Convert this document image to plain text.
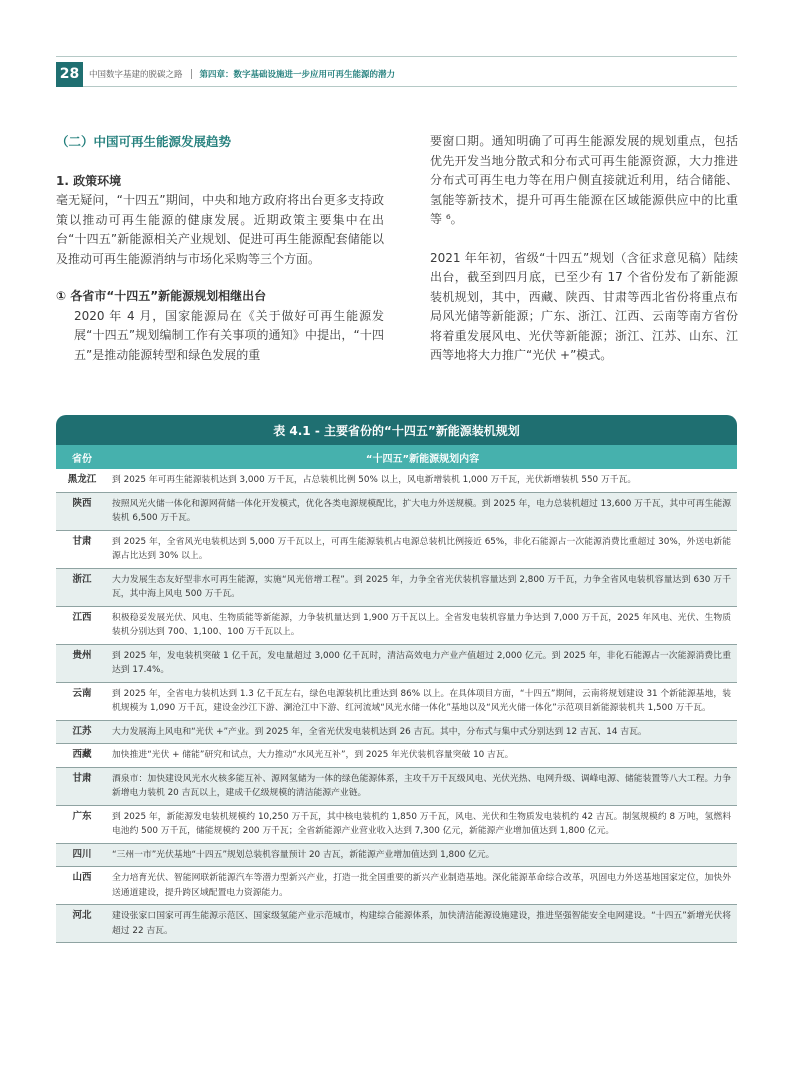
28	中国数字基建的脱碳之路 第四章：数字基础设施进一步应用可再生能源的潜力
（二）中国可再生能源发展趋势
1. 政策环境
毫无疑问，“十四五”期间，中央和地方政府将出台更多支持政策以推动可再生能源的健康发展。近期政策主要集中在出台“十四五”新能源相关产业规划、促进可再生能源配套储能以及推动可再生能源消纳与市场化采购等三个方面。
① 各省市“十四五”新能源规划相继出台
2020 年 4 月，国家能源局在《关于做好可再生能源发展“十四五”规划编制工作有关事项的通知》中提出，“十四五”是推动能源转型和绿色发展的重
要窗口期。通知明确了可再生能源发展的规划重点，包括优先开发当地分散式和分布式可再生能源资源，大力推进分布式可再生电力等在用户侧直接就近利用，结合储能、氢能等新技术，提升可再生能源在区域能源供应中的比重等 ⁶。
2021 年年初，省级“十四五”规划（含征求意见稿）陆续出台，截至到四月底，已至少有 17 个省份发布了新能源装机规划，其中，西藏、陕西、甘肃等西北省份将重点布局风光储等新能源；广东、浙江、江西、云南等南方省份将着重发展风电、光伏等新能源；浙江、江苏、山东、江西等地将大力推广“光伏 +”模式。
表 4.1 - 主要省份的“十四五”新能源装机规划
省份	“十四五”新能源规划内容
黑龙江	到 2025 年可再生能源装机达到 3,000 万千瓦，占总装机比例 50% 以上，风电新增装机 1,000 万千瓦，光伏新增装机 550 万千瓦。
陕西	按照风光火储一体化和源网荷储一体化开发模式，优化各类电源规模配比，扩大电力外送规模。到 2025 年，电力总装机超过 13,600 万千瓦，其中可再生能源装机 6,500 万千瓦。
甘肃	到 2025 年，全省风光电装机达到 5,000 万千瓦以上，可再生能源装机占电源总装机比例接近 65%，非化石能源占一次能源消费比重超过 30%，外送电新能源占比达到 30% 以上。
浙江	大力发展生态友好型非水可再生能源，实施“风光倍增工程”。到 2025 年，力争全省光伏装机容量达到 2,800 万千瓦，力争全省风电装机容量达到 630 万千瓦，其中海上风电 500 万千瓦。
江西	积极稳妥发展光伏、风电、生物质能等新能源，力争装机量达到 1,900 万千瓦以上。全省发电装机容量力争达到 7,000 万千瓦，2025 年风电、光伏、生物质装机分别达到 700、1,100、100 万千瓦以上。
贵州	到 2025 年，发电装机突破 1 亿千瓦，发电量超过 3,000 亿千瓦时，清洁高效电力产业产值超过 2,000 亿元。到 2025 年，非化石能源占一次能源消费比重达到 17.4%。
云南	到 2025 年，全省电力装机达到 1.3 亿千瓦左右，绿色电源装机比重达到 86% 以上。在具体项目方面，“十四五”期间，云南将规划建设 31 个新能源基地，装机规模为 1,090 万千瓦，建设金沙江下游、澜沧江中下游、红河流域“风光水储一体化”基地以及“风光火储一体化”示范项目新能源装机共 1,500 万千瓦。
江苏	大力发展海上风电和“光伏 +”产业。到 2025 年，全省光伏发电装机达到 26 吉瓦。其中，分布式与集中式分别达到 12 吉瓦、14 吉瓦。
西藏	加快推进“光伏 + 储能”研究和试点，大力推动“水风光互补”，到 2025 年光伏装机容量突破 10 吉瓦。
甘肃	酒泉市：加快建设风光水火核多能互补、源网氢储为一体的绿色能源体系，主攻千万千瓦级风电、光伏光热、电网升级、调峰电源、储能装置等八大工程。力争新增电力装机 20 吉瓦以上，建成千亿级规模的清洁能源产业链。
广东	到 2025 年，新能源发电装机规模约 10,250 万千瓦，其中核电装机约 1,850 万千瓦，风电、光伏和生物质发电装机约 42 吉瓦。制氢规模约 8 万吨，氢燃料电池约 500 万千瓦，储能规模约 200 万千瓦；全省新能源产业营业收入达到 7,300 亿元，新能源产业增加值达到 1,800 亿元。
四川	“三州一市”光伏基地“十四五”规划总装机容量预计 20 吉瓦，新能源产业增加值达到 1,800 亿元。
山西	全力培育光伏、智能网联新能源汽车等潜力型新兴产业，打造一批全国重要的新兴产业制造基地。深化能源革命综合改革，巩固电力外送基地国家定位，加快外送通道建设，提升跨区域配置电力资源能力。
河北	建设张家口国家可再生能源示范区、国家级氢能产业示范城市，构建综合能源体系，加快清洁能源设施建设，推进坚强智能安全电网建设。“十四五”新增光伏将超过 22 吉瓦。
